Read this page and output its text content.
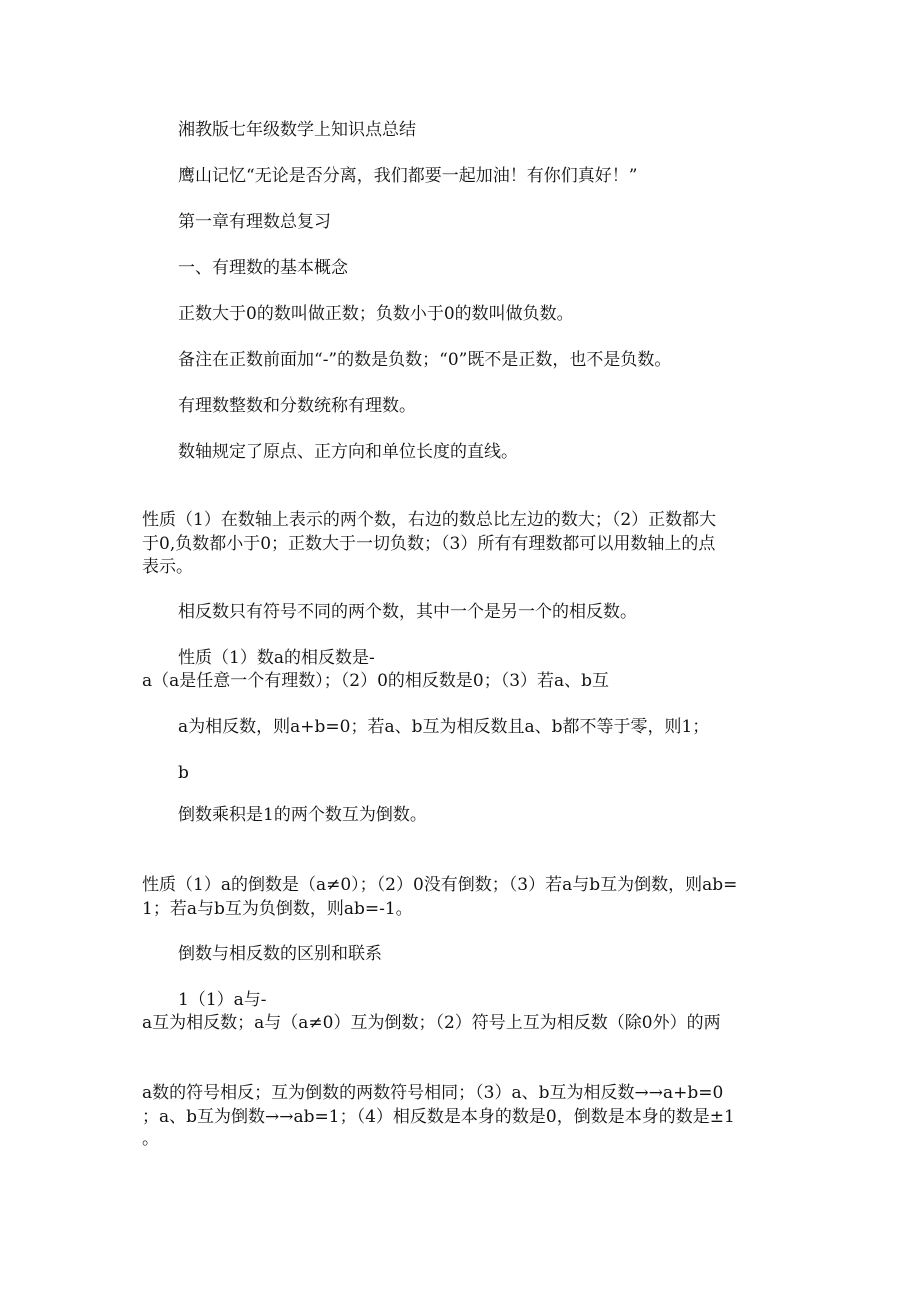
湘教版七年级数学上知识点总结

鹰山记忆“无论是否分离，我们都要一起加油！有你们真好！”

第一章有理数总复习

一、有理数的基本概念

正数大于0的数叫做正数；负数小于0的数叫做负数。

备注在正数前面加“-”的数是负数；“0”既不是正数，也不是负数。

有理数整数和分数统称有理数。

数轴规定了原点、正方向和单位长度的直线。

性质（1）在数轴上表示的两个数，右边的数总比左边的数大；（2）正数都大

于0,负数都小于0；正数大于一切负数；（3）所有有理数都可以用数轴上的点

表示。

相反数只有符号不同的两个数，其中一个是另一个的相反数。

性质（1）数a的相反数是-

a（a是任意一个有理数）；（2）0的相反数是0；（3）若a、b互

a为相反数，则a+b=0；若a、b互为相反数且a、b都不等于零，则1；

b

倒数乘积是1的两个数互为倒数。

性质（1）a的倒数是（a≠0）；（2）0没有倒数；（3）若a与b互为倒数，则ab=

1；若a与b互为负倒数，则ab=-1。

倒数与相反数的区别和联系

1（1）a与-

a互为相反数；a与（a≠0）互为倒数；（2）符号上互为相反数（除0外）的两

a数的符号相反；互为倒数的两数符号相同；（3）a、b互为相反数→→a+b=0

；a、b互为倒数→→ab=1；（4）相反数是本身的数是0，倒数是本身的数是±1

。
